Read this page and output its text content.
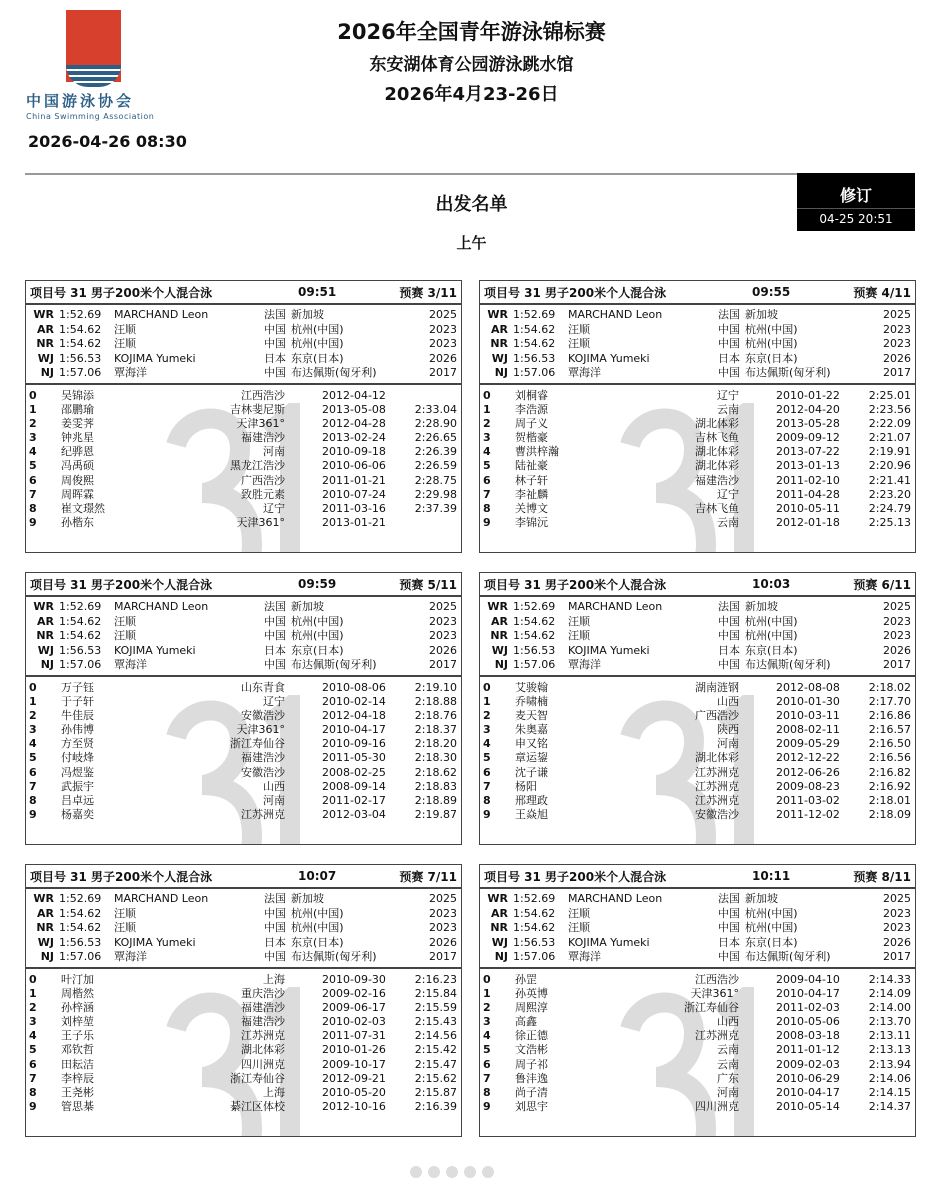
中国游泳协会
China Swimming Association
2026年全国青年游泳锦标赛
东安湖体育公园游泳跳水馆
2026年4月23-26日
2026-04-26 08:30
出发名单
上午
修订
04-25 20:51
项目号 31 男子200米个人混合泳	09:51	预赛 3/11
WR 1:52.69 MARCHAND Leon	法国 新加坡	2025
AR 1:54.62 汪顺	中国 杭州(中国)	2023
NR 1:54.62 汪顺	中国 杭州(中国)	2023
WJ 1:56.53 KOJIMA Yumeki	日本 东京(日本)	2026
NJ 1:57.06 覃海洋	中国 布达佩斯(匈牙利)	2017
0 吴锦添	江西浩沙	2012-04-12
1 邵鹏瑜	吉林斐尼斯	2013-05-08	2:33.04
2 姜雯荠	天津361°	2012-04-28	2:28.90
3 钟兆星	福建浩沙	2013-02-24	2:26.65
4 纪骅恩	河南	2010-09-18	2:26.39
5 冯禹硕	黑龙江浩沙	2010-06-06	2:26.59
6 周俊熙	广西浩沙	2011-01-21	2:28.75
7 周晖霖	致胜元素	2010-07-24	2:29.98
8 崔文璟然	辽宁	2011-03-16	2:37.39
9 孙楷东	天津361°	2013-01-21
项目号 31 男子200米个人混合泳	09:55	预赛 4/11
WR 1:52.69 MARCHAND Leon	法国 新加坡	2025
AR 1:54.62 汪顺	中国 杭州(中国)	2023
NR 1:54.62 汪顺	中国 杭州(中国)	2023
WJ 1:56.53 KOJIMA Yumeki	日本 东京(日本)	2026
NJ 1:57.06 覃海洋	中国 布达佩斯(匈牙利)	2017
0 刘桐睿	辽宁	2010-01-22	2:25.01
1 李浩源	云南	2012-04-20	2:23.56
2 周子义	湖北体彩	2013-05-28	2:22.09
3 贺楷豪	吉林飞鱼	2009-09-12	2:21.07
4 曹洪梓瀚	湖北体彩	2013-07-22	2:19.91
5 陆祉豪	湖北体彩	2013-01-13	2:20.96
6 林子轩	福建浩沙	2011-02-10	2:21.41
7 李祉麟	辽宁	2011-04-28	2:23.20
8 关博文	吉林飞鱼	2010-05-11	2:24.79
9 李锦沅	云南	2012-01-18	2:25.13
项目号 31 男子200米个人混合泳	09:59	预赛 5/11
WR 1:52.69 MARCHAND Leon	法国 新加坡	2025
AR 1:54.62 汪顺	中国 杭州(中国)	2023
NR 1:54.62 汪顺	中国 杭州(中国)	2023
WJ 1:56.53 KOJIMA Yumeki	日本 东京(日本)	2026
NJ 1:57.06 覃海洋	中国 布达佩斯(匈牙利)	2017
0 万子钰	山东青食	2010-08-06	2:19.10
1 于子轩	辽宁	2010-02-14	2:18.88
2 牛佳辰	安徽浩沙	2012-04-18	2:18.76
3 孙伟博	天津361°	2010-04-17	2:18.37
4 方至贤	浙江寿仙谷	2010-09-16	2:18.20
5 付岐烽	福建浩沙	2011-05-30	2:18.30
6 冯煜鉴	安徽浩沙	2008-02-25	2:18.62
7 武振宇	山西	2008-09-14	2:18.83
8 吕卓远	河南	2011-02-17	2:18.89
9 杨嘉奕	江苏洲克	2012-03-04	2:19.87
项目号 31 男子200米个人混合泳	10:03	预赛 6/11
WR 1:52.69 MARCHAND Leon	法国 新加坡	2025
AR 1:54.62 汪顺	中国 杭州(中国)	2023
NR 1:54.62 汪顺	中国 杭州(中国)	2023
WJ 1:56.53 KOJIMA Yumeki	日本 东京(日本)	2026
NJ 1:57.06 覃海洋	中国 布达佩斯(匈牙利)	2017
0 艾骏翰	湖南涟钢	2012-08-08	2:18.02
1 乔啸楠	山西	2010-01-30	2:17.70
2 麦天智	广西浩沙	2010-03-11	2:16.86
3 朱奥嘉	陕西	2008-02-11	2:16.57
4 申又铭	河南	2009-05-29	2:16.50
5 章运鋆	湖北体彩	2012-12-22	2:16.56
6 沈子谦	江苏洲克	2012-06-26	2:16.82
7 杨阳	江苏洲克	2009-08-23	2:16.92
8 邢理政	江苏洲克	2011-03-02	2:18.01
9 王焱旭	安徽浩沙	2011-12-02	2:18.09
项目号 31 男子200米个人混合泳	10:07	预赛 7/11
WR 1:52.69 MARCHAND Leon	法国 新加坡	2025
AR 1:54.62 汪顺	中国 杭州(中国)	2023
NR 1:54.62 汪顺	中国 杭州(中国)	2023
WJ 1:56.53 KOJIMA Yumeki	日本 东京(日本)	2026
NJ 1:57.06 覃海洋	中国 布达佩斯(匈牙利)	2017
0 叶汀加	上海	2010-09-30	2:16.23
1 周楷然	重庆浩沙	2009-02-16	2:15.84
2 孙梓涵	福建浩沙	2009-06-17	2:15.59
3 刘梓堃	福建浩沙	2010-02-03	2:15.43
4 王子乐	江苏洲克	2011-07-31	2:14.56
5 邓钦哲	湖北体彩	2010-01-26	2:15.42
6 田耘洁	四川洲克	2009-10-17	2:15.47
7 李梓辰	浙江寿仙谷	2012-09-21	2:15.62
8 王尧彬	上海	2010-05-20	2:15.87
9 管思棊	綦江区体校	2012-10-16	2:16.39
项目号 31 男子200米个人混合泳	10:11	预赛 8/11
WR 1:52.69 MARCHAND Leon	法国 新加坡	2025
AR 1:54.62 汪顺	中国 杭州(中国)	2023
NR 1:54.62 汪顺	中国 杭州(中国)	2023
WJ 1:56.53 KOJIMA Yumeki	日本 东京(日本)	2026
NJ 1:57.06 覃海洋	中国 布达佩斯(匈牙利)	2017
0 孙罡	江西浩沙	2009-04-10	2:14.33
1 孙英博	天津361°	2010-04-17	2:14.09
2 周熙淳	浙江寿仙谷	2011-02-03	2:14.00
3 高鑫	山西	2010-05-06	2:13.70
4 徐正德	江苏洲克	2008-03-18	2:13.11
5 文浩彬	云南	2011-01-12	2:13.13
6 周子祁	云南	2009-02-03	2:13.94
7 鲁沣逸	广东	2010-06-29	2:14.06
8 尚子清	河南	2010-04-17	2:14.15
9 刘思宇	四川洲克	2010-05-14	2:14.37
